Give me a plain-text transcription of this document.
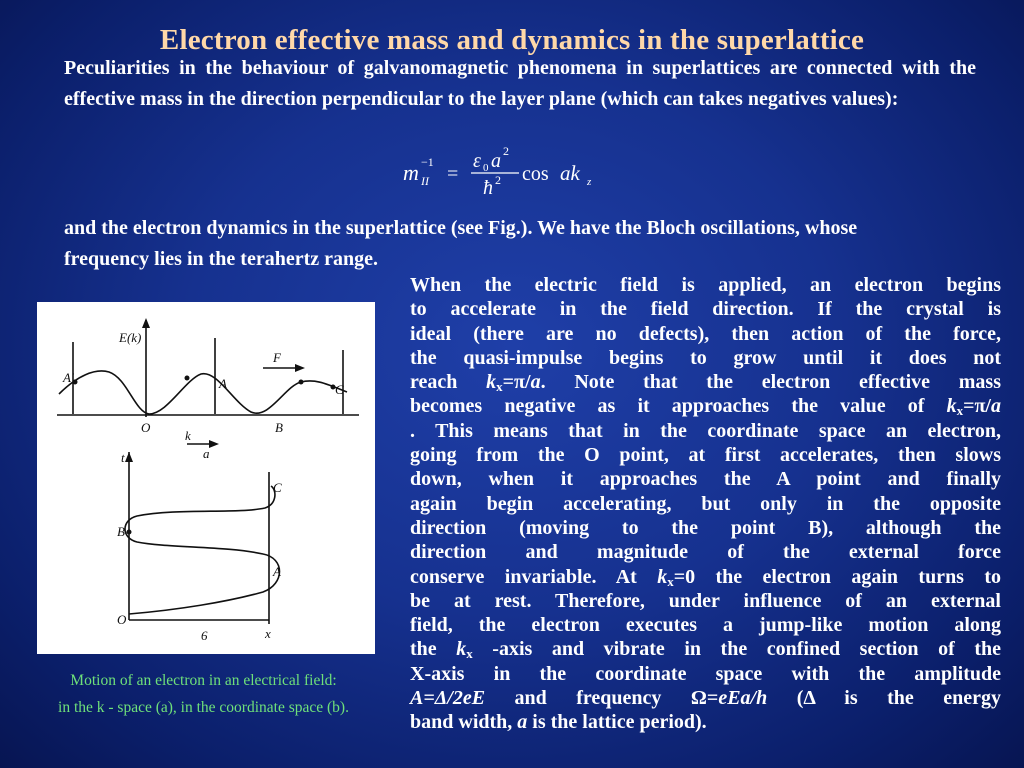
Electron effective mass and dynamics in the superlattice
Peculiarities in the behaviour of galvanomagnetic phenomena in superlattices are connected with the effective mass in the direction perpendicular to the layer plane (which can takes negatives values):
m −1
II =
ε 0 a 2
ħ 2 cos ak z
and the electron dynamics in the superlattice (see Fig.). We have the Bloch oscillations, whose frequency lies in the terahertz range.
When the electric field is applied, an electron begins
to accelerate in the field direction. If the crystal is
ideal (there are no defects), then action of the force,
the quasi-impulse begins to grow until it does not
reach $k_x=\pi/a$. Note that the electron effective mass
becomes negative as it approaches the value of $k_x=\pi/a$
. This means that in the coordinate space an electron,
going from the O point, at first accelerates, then slows
down, when it approaches the A point and finally
again begin accelerating, but only in the opposite
direction (moving to the point B), although the
direction and magnitude of the external force
conserve invariable. At $k_x=0$ the electron again turns to
be at rest. Therefore, under influence of an external
field, the electron executes a jump-like motion along
the $k_x$ -axis and vibrate in the confined section of the
X-axis in the coordinate space with the amplitude
A=Δ/2eE and frequency Ω=eEa/h (Δ is the energy
band width, a is the lattice period).
E(k)
F
A'	A	C
O	B
k
a
t
C
B
A
O
6	x
Motion of an electron in an electrical field:
in the k - space (a), in the coordinate space (b).
